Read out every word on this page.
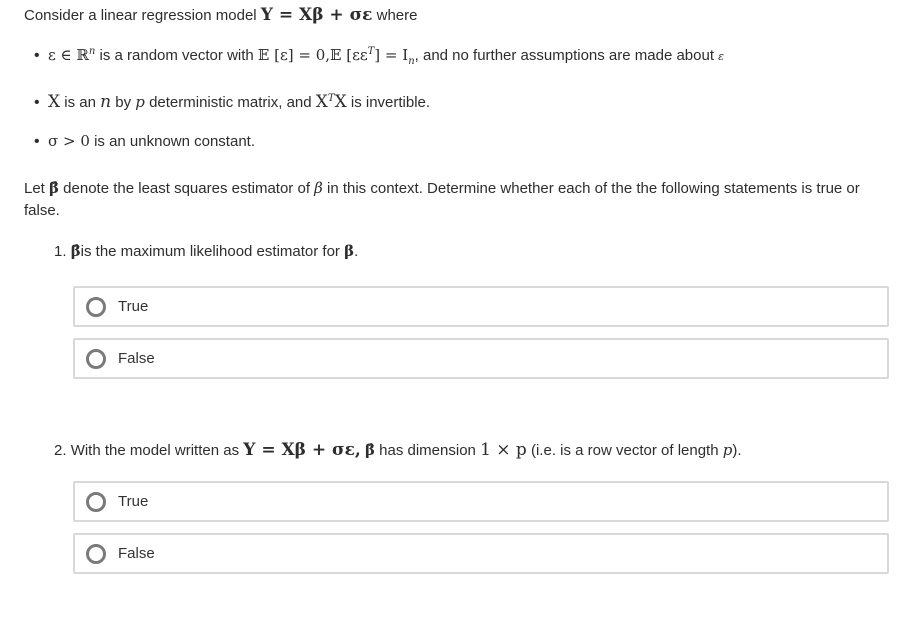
Consider a linear regression model Y = Xβ + σε where
• ε ∈ ℝ$^n$ is a random vector with 𝔼 [ε] = 0,𝔼 $[\varepsilon\varepsilon^T] = I_n$, and no further assumptions are made about ε
• X is an n by p deterministic matrix, and $X^TX$ is invertible.
• σ > 0 is an unknown constant.
Let β̂ denote the least squares estimator of β in this context. Determine whether each of the the following statements is true or false.
1. β̂is the maximum likelihood estimator for β.
True
False
2. With the model written as Y = Xβ + σε, β̂ has dimension 1 × p (i.e. is a row vector of length p).
True
False
